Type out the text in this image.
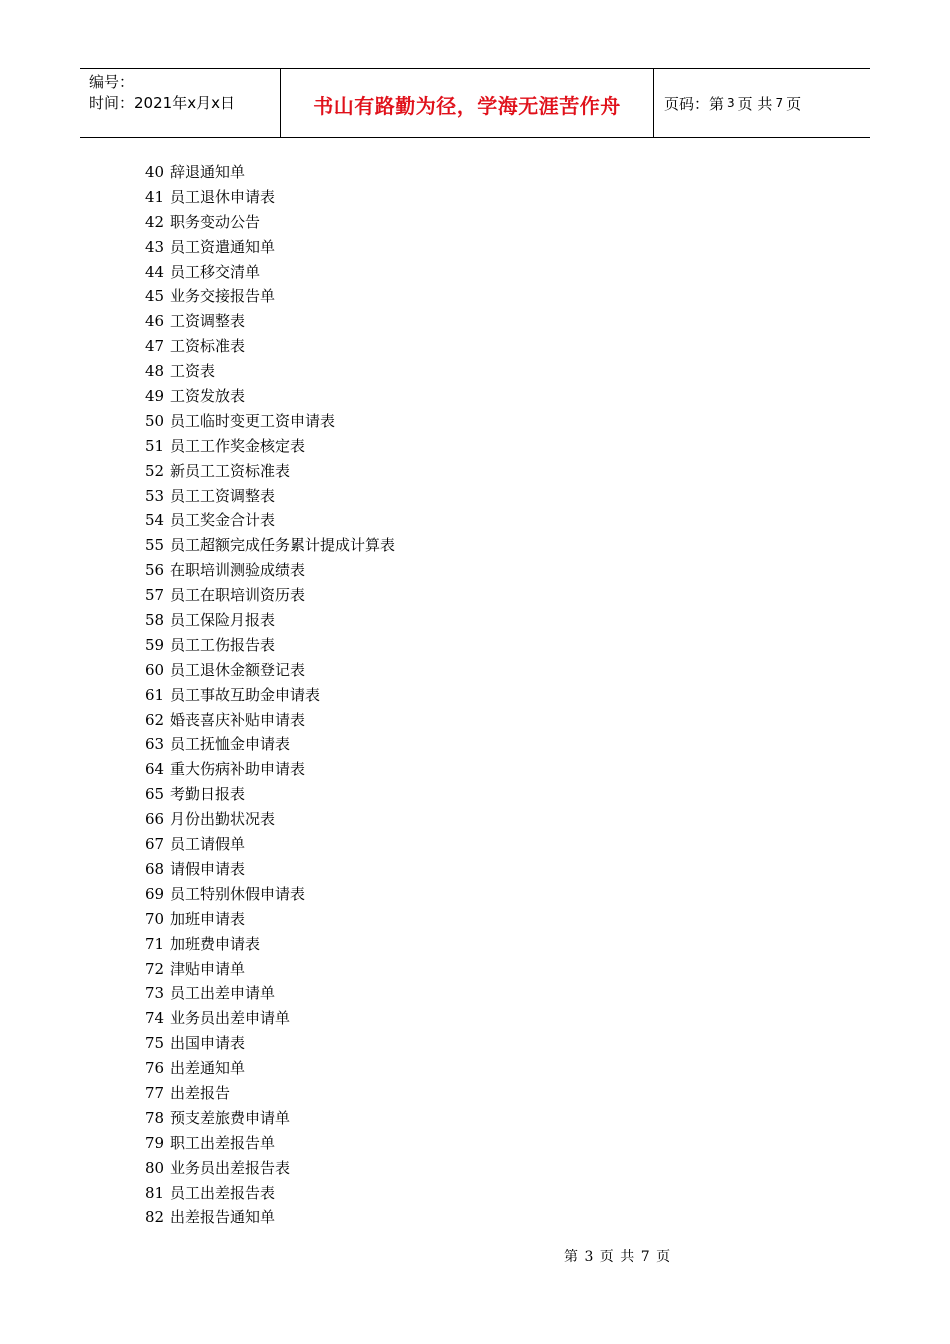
编号：
时间：2021年x月x日	书山有路勤为径，学海无涯苦作舟	页码：第 3 页 共 7 页
40 辞退通知单
41 员工退休申请表
42 职务变动公告
43 员工资遣通知单
44 员工移交清单
45 业务交接报告单
46 工资调整表
47 工资标准表
48 工资表
49 工资发放表
50 员工临时变更工资申请表
51 员工工作奖金核定表
52 新员工工资标准表
53 员工工资调整表
54 员工奖金合计表
55 员工超额完成任务累计提成计算表
56 在职培训测验成绩表
57 员工在职培训资历表
58 员工保险月报表
59 员工工伤报告表
60 员工退休金额登记表
61 员工事故互助金申请表
62 婚丧喜庆补贴申请表
63 员工抚恤金申请表
64 重大伤病补助申请表
65 考勤日报表
66 月份出勤状况表
67 员工请假单
68 请假申请表
69 员工特别休假申请表
70 加班申请表
71 加班费申请表
72 津贴申请单
73 员工出差申请单
74 业务员出差申请单
75 出国申请表
76 出差通知单
77 出差报告
78 预支差旅费申请单
79 职工出差报告单
80 业务员出差报告表
81 员工出差报告表
82 出差报告通知单
第 3 页 共 7 页
